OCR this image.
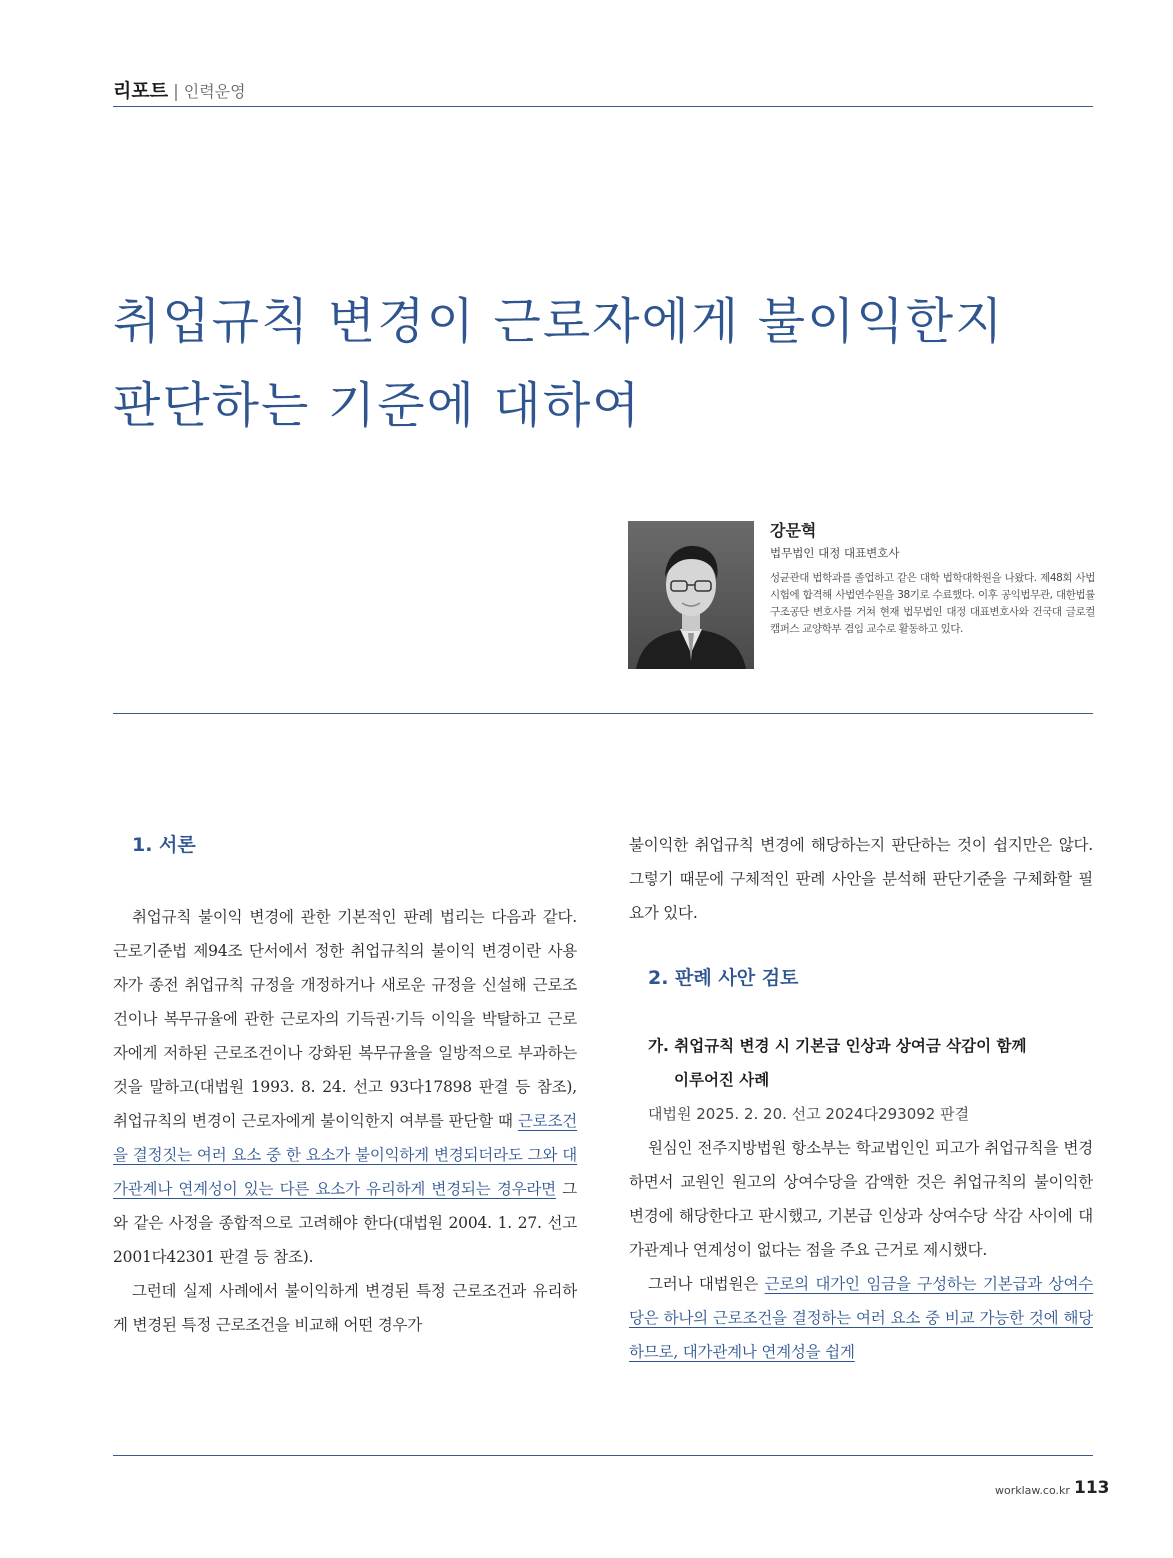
리포트 | 인력운영
취업규칙 변경이 근로자에게 불이익한지
판단하는 기준에 대하여
강문혁
법무법인 대정 대표변호사
성균관대 법학과를 졸업하고 같은 대학 법학대학원을 나왔다. 제48회 사법시험에 합격해 사법연수원을 38기로 수료했다. 이후 공익법무관, 대한법률구조공단 변호사를 거쳐 현재 법무법인 대정 대표변호사와 건국대 글로컬캠퍼스 교양학부 겸임 교수로 활동하고 있다.
1. 서론

취업규칙 불이익 변경에 관한 기본적인 판례 법리는 다음과 같다. 근로기준법 제94조 단서에서 정한 취업규칙의 불이익 변경이란 사용자가 종전 취업규칙 규정을 개정하거나 새로운 규정을 신설해 근로조건이나 복무규율에 관한 근로자의 기득권·기득 이익을 박탈하고 근로자에게 저하된 근로조건이나 강화된 복무규율을 일방적으로 부과하는 것을 말하고(대법원 1993. 8. 24. 선고 93다17898 판결 등 참조), 취업규칙의 변경이 근로자에게 불이익한지 여부를 판단할 때 근로조건을 결정짓는 여러 요소 중 한 요소가 불이익하게 변경되더라도 그와 대가관계나 연계성이 있는 다른 요소가 유리하게 변경되는 경우라면 그와 같은 사정을 종합적으로 고려해야 한다(대법원 2004. 1. 27. 선고 2001다42301 판결 등 참조).

그런데 실제 사례에서 불이익하게 변경된 특정 근로조건과 유리하게 변경된 특정 근로조건을 비교해 어떤 경우가

불이익한 취업규칙 변경에 해당하는지 판단하는 것이 쉽지만은 않다. 그렇기 때문에 구체적인 판례 사안을 분석해 판단기준을 구체화할 필요가 있다.

2. 판례 사안 검토
가. 취업규칙 변경 시 기본급 인상과 상여금 삭감이 함께
이루어진 사례
대법원 2025. 2. 20. 선고 2024다293092 판결

원심인 전주지방법원 항소부는 학교법인인 피고가 취업규칙을 변경하면서 교원인 원고의 상여수당을 감액한 것은 취업규칙의 불이익한 변경에 해당한다고 판시했고, 기본급 인상과 상여수당 삭감 사이에 대가관계나 연계성이 없다는 점을 주요 근거로 제시했다.

그러나 대법원은 근로의 대가인 임금을 구성하는 기본급과 상여수당은 하나의 근로조건을 결정하는 여러 요소 중 비교 가능한 것에 해당하므로, 대가관계나 연계성을 쉽게

worklaw.co.kr 113
